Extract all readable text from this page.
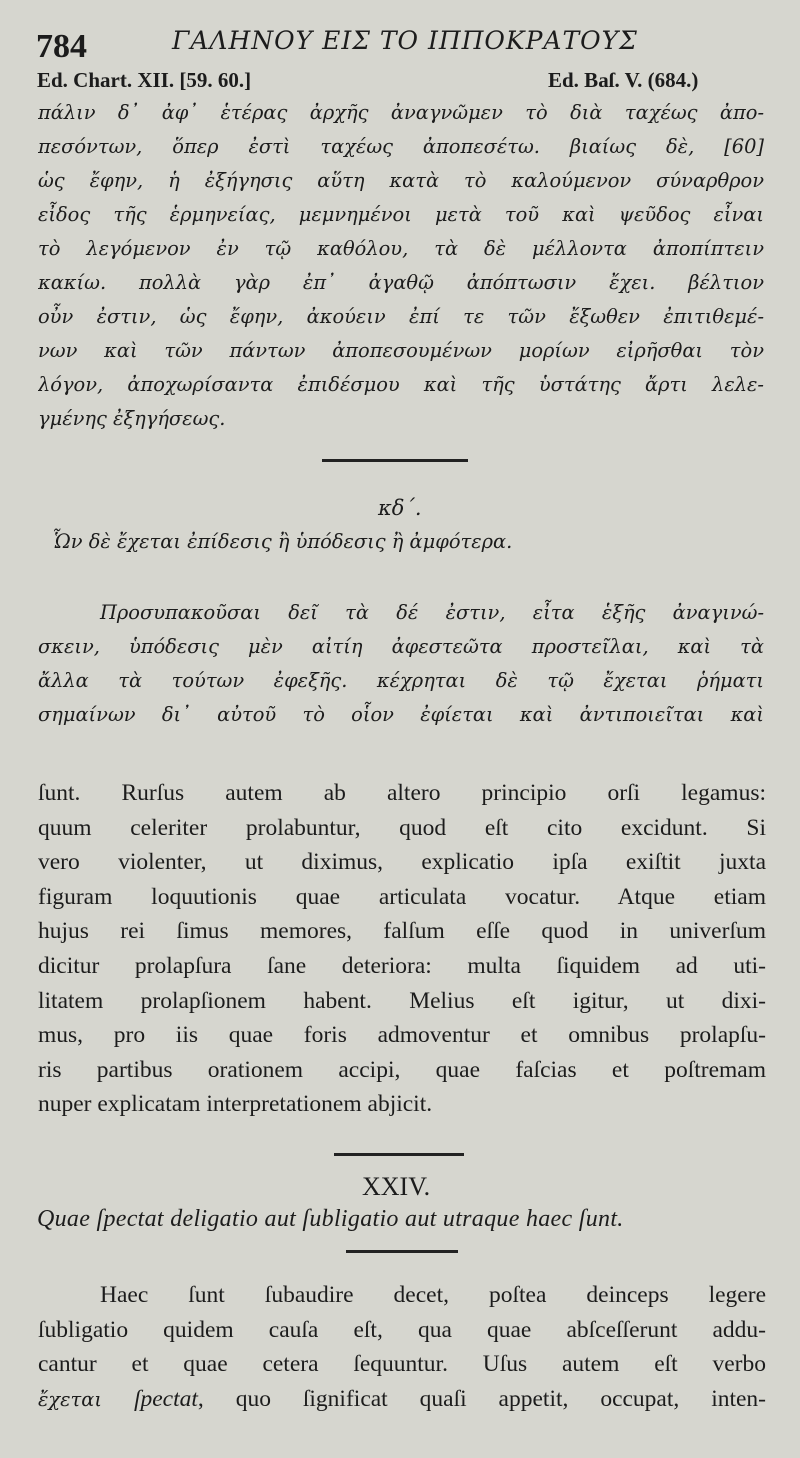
784	ΓΑΛΗΝΟΥ ΕΙΣ ΤΟ ΙΠΠΟΚΡΑΤΟΥΣ
Ed. Chart. XII. [59. 60.]	Ed. Baſ. V. (684.)
πάλιν δ᾽ ἀφ᾽ ἑτέρας ἀρχῆς ἀναγνῶμεν τὸ διὰ ταχέως ἀπο-
πεσόντων, ὅπερ ἐστὶ ταχέως ἀποπεσέτω. βιαίως δὲ, [60]
ὡς ἔφην, ἡ ἐξήγησις αὕτη κατὰ τὸ καλούμενον σύναρθρον
εἶδος τῆς ἑρμηνείας, μεμνημένοι μετὰ τοῦ καὶ ψεῦδος εἶναι
τὸ λεγόμενον ἐν τῷ καθόλου, τὰ δὲ μέλλοντα ἀποπίπτειν
κακίω. πολλὰ γὰρ ἐπ᾽ ἀγαθῷ ἀπόπτωσιν ἔχει. βέλτιον
οὖν ἐστιν, ὡς ἔφην, ἀκούειν ἐπί τε τῶν ἔξωθεν ἐπιτιθεμέ-
νων καὶ τῶν πάντων ἀποπεσουμένων μορίων εἰρῆσθαι τὸν
λόγον, ἀποχωρίσαντα ἐπιδέσμου καὶ τῆς ὑστάτης ἄρτι λελε-
γμένης ἐξηγήσεως.
κδ΄.
Ὧν δὲ ἔχεται ἐπίδεσις ἢ ὑπόδεσις ἢ ἀμφότερα.
Προσυπακοῦσαι δεῖ τὰ δέ ἐστιν, εἶτα ἑξῆς ἀναγινώ-
σκειν, ὑπόδεσις μὲν αἰτίη ἀφεστεῶτα προστεῖλαι, καὶ τὰ
ἄλλα τὰ τούτων ἐφεξῆς. κέχρηται δὲ τῷ ἔχεται ῥήματι
σημαίνων δι᾽ αὐτοῦ τὸ οἷον ἐφίεται καὶ ἀντιποιεῖται καὶ
ſunt. Rurſus autem ab altero principio orſi legamus:
quum celeriter prolabuntur, quod eſt cito excidunt. Si
vero violenter, ut diximus, explicatio ipſa exiſtit juxta
figuram loquutionis quae articulata vocatur. Atque etiam
hujus rei ſimus memores, falſum eſſe quod in univerſum
dicitur prolapſura ſane deteriora: multa ſiquidem ad uti-
litatem prolapſionem habent. Melius eſt igitur, ut dixi-
mus, pro iis quae foris admoventur et omnibus prolapſu-
ris partibus orationem accipi, quae faſcias et poſtremam
nuper explicatam interpretationem abjicit.
XXIV.
Quae ſpectat deligatio aut ſubligatio aut utraque haec ſunt.
Haec ſunt ſubaudire decet, poſtea deinceps legere
ſubligatio quidem cauſa eſt, qua quae abſceſſerunt addu-
cantur et quae cetera ſequuntur. Uſus autem eſt verbo
ἔχεται ſpectat, quo ſignificat quaſi appetit, occupat, inten-
